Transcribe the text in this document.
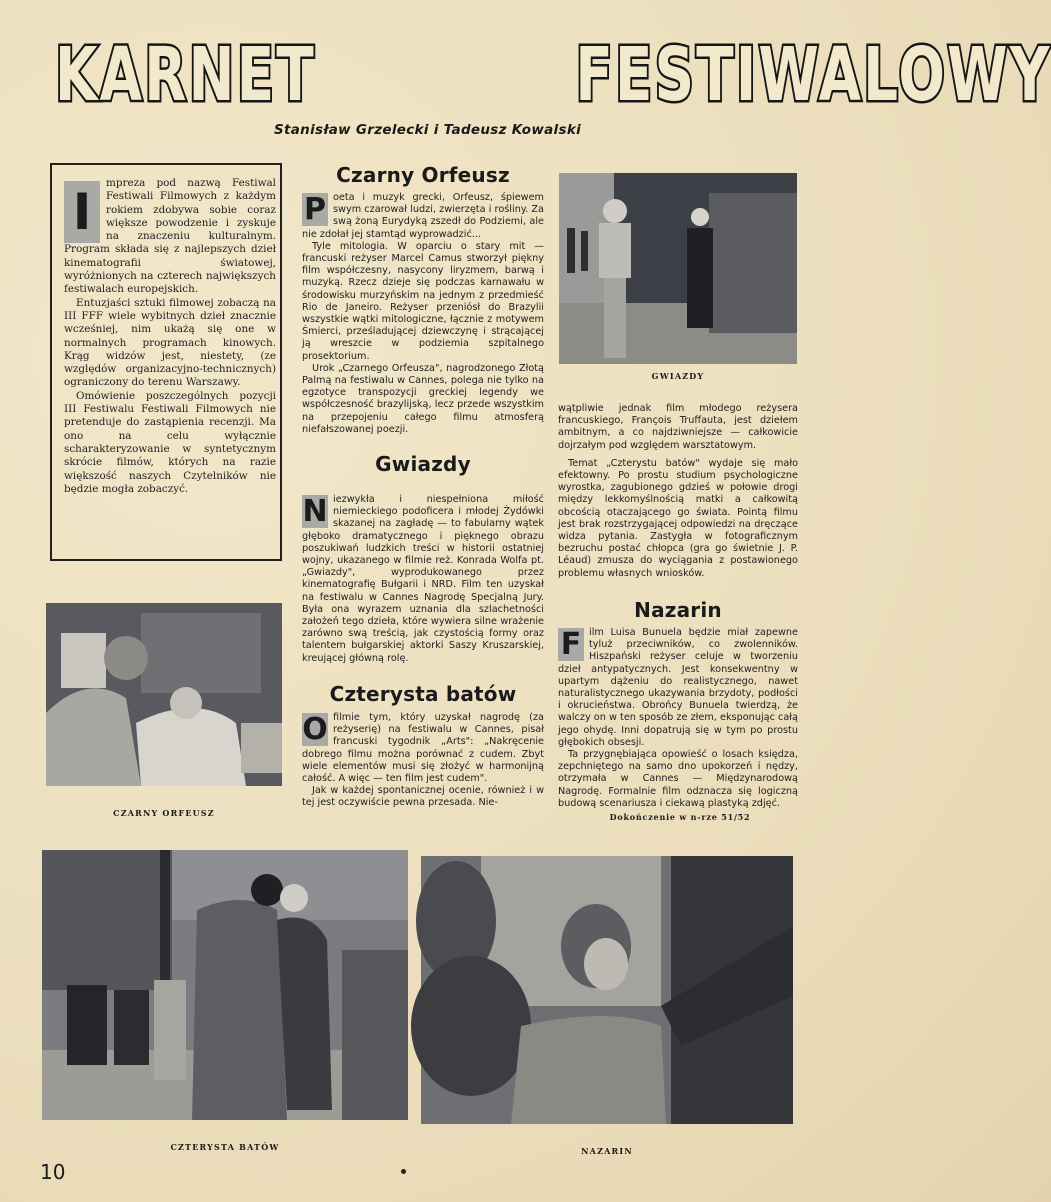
KARNET	FESTIWALOWY
Stanisław Grzelecki i Tadeusz Kowalski

I	mpreza pod nazwą Festiwal Festiwali Filmowych z każdym rokiem zdobywa sobie coraz większe powodzenie i zyskuje na znaczeniu kulturalnym. Program składa się z najlepszych dzieł kinematografii światowej, wyróżnionych na czterech największych festiwalach europejskich.

Entuzjaści sztuki filmowej zobaczą na III FFF wiele wybitnych dzieł znacznie wcześniej, nim ukażą się one w normalnych programach kinowych. Krąg widzów jest, niestety, (ze względów organizacyjno-technicznych) ograniczony do terenu Warszawy.

Omówienie poszczególnych pozycji III Festiwalu Festiwali Filmowych nie pretenduje do zastąpienia recenzji. Ma ono na celu wyłącznie scharakteryzowanie w syntetycznym skrócie filmów, których na razie większość naszych Czytelników nie będzie mogła zobaczyć.

Czarny Orfeusz

P oeta i muzyk grecki, Orfeusz, śpiewem swym czarował ludzi, zwierzęta i rośliny. Za swą żoną Eurydyką zszedł do Podziemi, ale nie zdołał jej stamtąd wyprowadzić...

Tyle mitologia. W oparciu o stary mit — francuski reżyser Marcel Camus stworzył piękny film współczesny, nasycony liryzmem, barwą i muzyką. Rzecz dzieje się podczas karnawału w środowisku murzyńskim na jednym z przedmieść Rio de Janeiro. Reżyser przeniósł do Brazylii wszystkie wątki mitologiczne, łącznie z motywem Śmierci, prześladującej dziewczynę i strącającej ją wreszcie w podziemia szpitalnego prosektorium.

Urok „Czarnego Orfeusza", nagrodzonego Złotą Palmą na festiwalu w Cannes, polega nie tylko na egzotyce transpozycji greckiej legendy we współczesność brazylijską, lecz przede wszystkim na przepojeniu całego filmu atmosferą niefałszowanej poezji.

Gwiazdy

N iezwykła i niespełniona miłość niemieckiego podoficera i młodej Żydówki skazanej na zagładę — to fabularny wątek głęboko dramatycznego i pięknego obrazu poszukiwań ludzkich treści w historii ostatniej wojny, ukazanego w filmie reż. Konrada Wolfa pt. „Gwiazdy", wyprodukowanego przez kinematografię Bułgarii i NRD. Film ten uzyskał na festiwalu w Cannes Nagrodę Specjalną Jury. Była ona wyrazem uznania dla szlachetności założeń tego dzieła, które wywiera silne wrażenie zarówno swą treścią, jak czystością formy oraz talentem bułgarskiej aktorki Saszy Kruszarskiej, kreującej główną rolę.

Czterysta batów

O filmie tym, który uzyskał nagrodę (za reżyserię) na festiwalu w Cannes, pisał francuski tygodnik „Arts": „Nakręcenie dobrego filmu można porównać z cudem. Zbyt wiele elementów musi się złożyć w harmonijną całość. A więc — ten film jest cudem".

Jak w każdej spontanicznej ocenie, również i w tej jest oczywiście pewna przesada. Nie-

wątpliwie jednak film młodego reżysera francuskiego, François Truffauta, jest dziełem ambitnym, a co najdziwniejsze — całkowicie dojrzałym pod względem warsztatowym.

Temat „Czterystu batów" wydaje się mało efektowny. Po prostu studium psychologiczne wyrostka, zagubionego gdzieś w połowie drogi między lekkomyślnością matki a całkowitą obcością otaczającego go świata. Pointą filmu jest brak rozstrzygającej odpowiedzi na dręczące widza pytania. Zastygła w fotograficznym bezruchu postać chłopca (gra go świetnie J. P. Léaud) zmusza do wyciągania z postawionego problemu własnych wniosków.

Nazarin

F ilm Luisa Bunuela będzie miał zapewne tyluż przeciwników, co zwolenników. Hiszpański reżyser celuje w tworzeniu dzieł antypatycznych. Jest konsekwentny w upartym dążeniu do realistycznego, nawet naturalistycznego ukazywania brzydoty, podłości i okrucieństwa. Obrońcy Bunuela twierdzą, że walczy on w ten sposób ze złem, eksponując całą jego ohydę. Inni dopatrują się w tym po prostu głębokich obsesji.

Ta przygnębiająca opowieść o losach księdza, zepchniętego na samo dno upokorzeń i nędzy, otrzymała w Cannes — Międzynarodową Nagrodę. Formalnie film odznacza się logiczną budową scenariusza i ciekawą plastyką zdjęć.

Dokończenie w n-rze 51/52
GWIAZDY
CZARNY ORFEUSZ
CZTERYSTA BATÓW	NAZARIN
10
